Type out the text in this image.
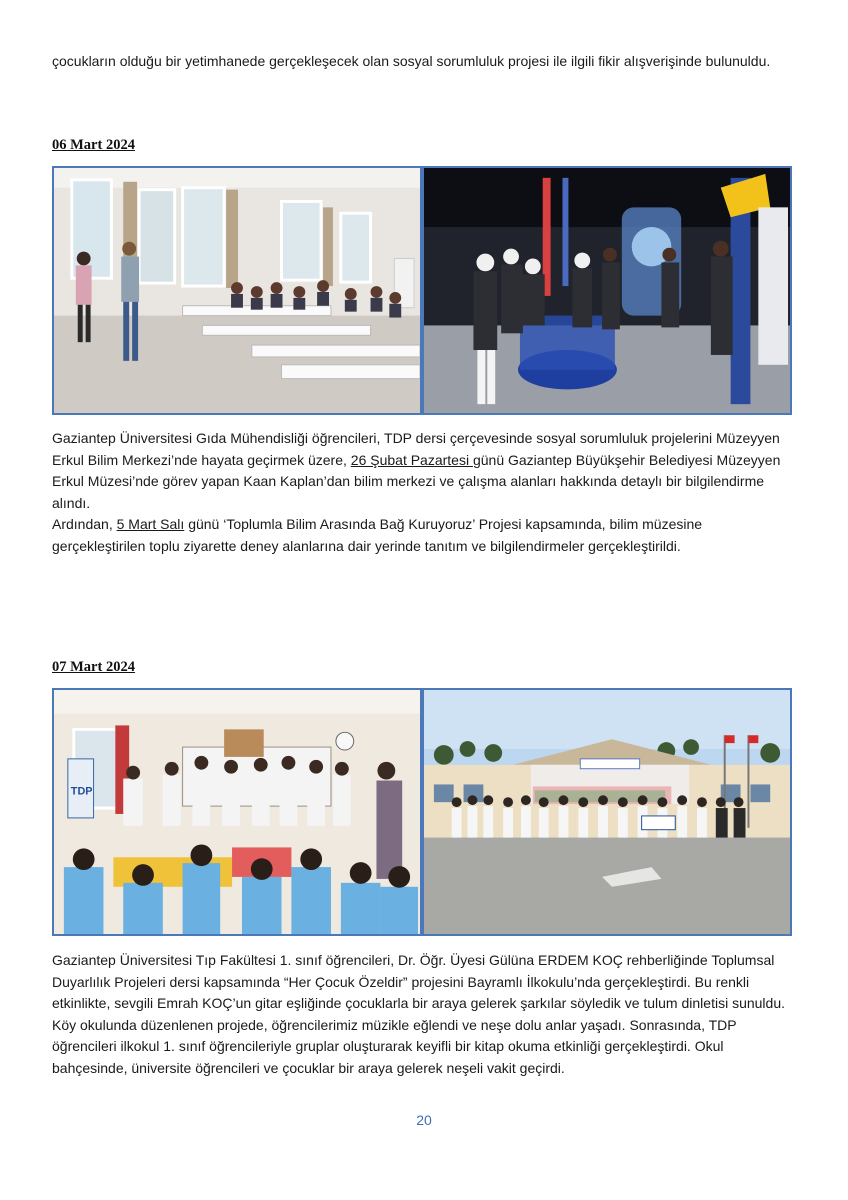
çocukların olduğu bir yetimhanede gerçekleşecek olan sosyal sorumluluk projesi ile ilgili fikir alışverişinde bulunuldu.
06 Mart 2024

Gaziantep Üniversitesi Gıda Mühendisliği öğrencileri, TDP dersi çerçevesinde sosyal sorumluluk projelerini Müzeyyen Erkul Bilim Merkezi’nde hayata geçirmek üzere, 26 Şubat Pazartesi günü Gaziantep Büyükşehir Belediyesi Müzeyyen Erkul Müzesi’nde görev yapan Kaan Kaplan’dan bilim merkezi ve çalışma alanları hakkında detaylı bir bilgilendirme alındı.

Ardından, 5 Mart Salı günü ‘Toplumla Bilim Arasında Bağ Kuruyoruz’ Projesi kapsamında, bilim müzesine gerçekleştirilen toplu ziyarette deney alanlarına dair yerinde tanıtım ve bilgilendirmeler gerçekleştirildi.

07 Mart 2024
TDP

Gaziantep Üniversitesi Tıp Fakültesi 1. sınıf öğrencileri, Dr. Öğr. Üyesi Gülüna ERDEM KOÇ rehberliğinde Toplumsal Duyarlılık Projeleri dersi kapsamında “Her Çocuk Özeldir” projesini Bayramlı İlkokulu’nda gerçekleştirdi. Bu renkli etkinlikte, sevgili Emrah KOÇ’un gitar eşliğinde çocuklarla bir araya gelerek şarkılar söyledik ve tulum dinletisi sunuldu.

Köy okulunda düzenlenen projede, öğrencilerimiz müzikle eğlendi ve neşe dolu anlar yaşadı. Sonrasında, TDP öğrencileri ilkokul 1. sınıf öğrencileriyle gruplar oluşturarak keyifli bir kitap okuma etkinliği gerçekleştirdi. Okul bahçesinde, üniversite öğrencileri ve çocuklar bir araya gelerek neşeli vakit geçirdi.

20
